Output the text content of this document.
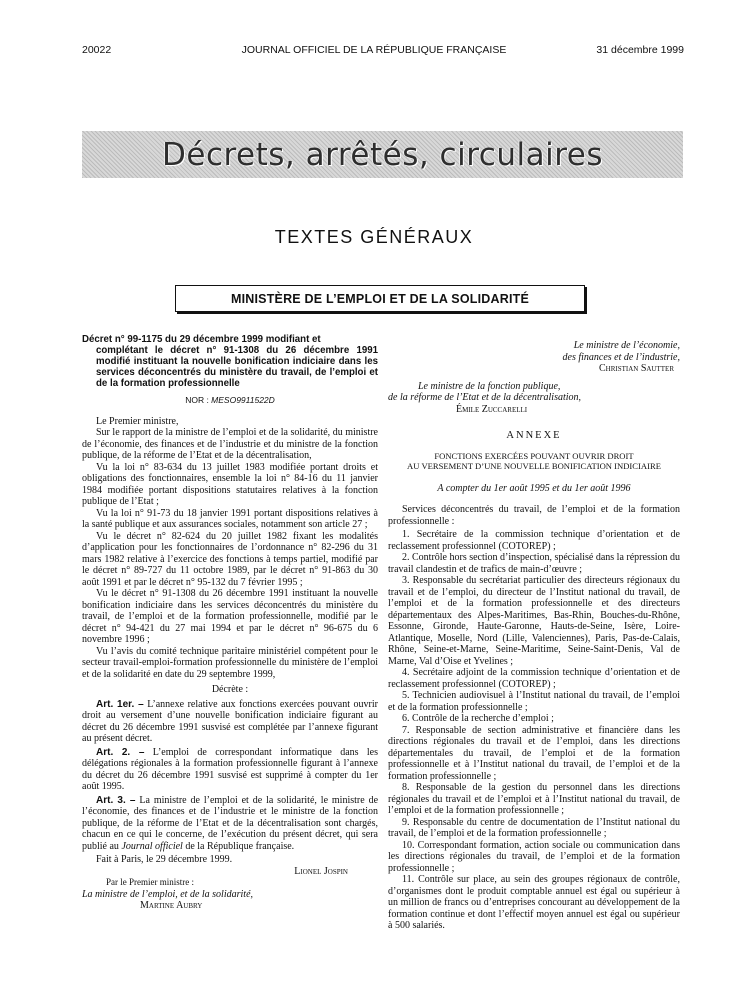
20022	JOURNAL OFFICIEL DE LA RÉPUBLIQUE FRANÇAISE	31 décembre 1999
Décrets, arrêtés, circulaires
TEXTES GÉNÉRAUX
MINISTÈRE DE L’EMPLOI ET DE LA SOLIDARITÉ

Décret n° 99-1175 du 29 décembre 1999 modifiant et
complétant le décret n° 91-1308 du 26 décembre 1991 modifié instituant la nouvelle bonification indiciaire dans les services déconcentrés du ministère du travail, de l’emploi et de la formation professionnelle

NOR : MESO9911522D

Le Premier ministre,

Sur le rapport de la ministre de l’emploi et de la solidarité, du ministre de l’économie, des finances et de l’industrie et du ministre de la fonction publique, de la réforme de l’Etat et de la décentralisation,

Vu la loi n° 83-634 du 13 juillet 1983 modifiée portant droits et obligations des fonctionnaires, ensemble la loi n° 84-16 du 11 janvier 1984 modifiée portant dispositions statutaires relatives à la fonction publique de l’Etat ;

Vu la loi n° 91-73 du 18 janvier 1991 portant dispositions relatives à la santé publique et aux assurances sociales, notamment son article 27 ;

Vu le décret n° 82-624 du 20 juillet 1982 fixant les modalités d’application pour les fonctionnaires de l’ordonnance n° 82-296 du 31 mars 1982 relative à l’exercice des fonctions à temps partiel, modifié par le décret n° 89-727 du 11 octobre 1989, par le décret n° 91-863 du 30 août 1991 et par le décret n° 95-132 du 7 février 1995 ;

Vu le décret n° 91-1308 du 26 décembre 1991 instituant la nouvelle bonification indiciaire dans les services déconcentrés du ministère du travail, de l’emploi et de la formation professionnelle, modifié par le décret n° 94-421 du 27 mai 1994 et par le décret n° 96-675 du 6 novembre 1996 ;

Vu l’avis du comité technique paritaire ministériel compétent pour le secteur travail-emploi-formation professionnelle du ministère de l’emploi et de la solidarité en date du 29 septembre 1999,

Décrète :

Art. 1er. – L’annexe relative aux fonctions exercées pouvant ouvrir droit au versement d’une nouvelle bonification indiciaire figurant au décret du 26 décembre 1991 susvisé est complétée par l’annexe figurant au présent décret.

Art. 2. – L’emploi de correspondant informatique dans les délégations régionales à la formation professionnelle figurant à l’annexe du décret du 26 décembre 1991 susvisé est supprimé à compter du 1er août 1995.

Art. 3. – La ministre de l’emploi et de la solidarité, le ministre de l’économie, des finances et de l’industrie et le ministre de la fonction publique, de la réforme de l’Etat et de la décentralisation sont chargés, chacun en ce qui le concerne, de l’exécution du présent décret, qui sera publié au Journal officiel de la République française.

Fait à Paris, le 29 décembre 1999.

Lionel Jospin

Par le Premier ministre :

La ministre de l’emploi, et de la solidarité,

Martine Aubry

Le ministre de l’économie,

des finances et de l’industrie,

Christian Sautter

Le ministre de la fonction publique,

de la réforme de l’Etat et de la décentralisation,

Émile Zuccarelli

ANNEXE

FONCTIONS EXERCÉES POUVANT OUVRIR DROIT
AU VERSEMENT D’UNE NOUVELLE BONIFICATION INDICIAIRE

A compter du 1er août 1995 et du 1er août 1996

Services déconcentrés du travail, de l’emploi et de la formation professionnelle :

1. Secrétaire de la commission technique d’orientation et de reclassement professionnel (COTOREP) ;

2. Contrôle hors section d’inspection, spécialisé dans la répression du travail clandestin et de trafics de main-d’œuvre ;

3. Responsable du secrétariat particulier des directeurs régionaux du travail et de l’emploi, du directeur de l’Institut national du travail, de l’emploi et de la formation professionnelle et des directeurs départementaux des Alpes-Maritimes, Bas-Rhin, Bouches-du-Rhône, Essonne, Gironde, Haute-Garonne, Hauts-de-Seine, Isère, Loire-Atlantique, Moselle, Nord (Lille, Valenciennes), Paris, Pas-de-Calais, Rhône, Seine-et-Marne, Seine-Maritime, Seine-Saint-Denis, Val de Marne, Val d’Oise et Yvelines ;

4. Secrétaire adjoint de la commission technique d’orientation et de reclassement professionnel (COTOREP) ;

5. Technicien audiovisuel à l’Institut national du travail, de l’emploi et de la formation professionnelle ;

6. Contrôle de la recherche d’emploi ;

7. Responsable de section administrative et financière dans les directions régionales du travail et de l’emploi, dans les directions départementales du travail, de l’emploi et de la formation professionnelle et à l’Institut national du travail, de l’emploi et de la formation professionnelle ;

8. Responsable de la gestion du personnel dans les directions régionales du travail et de l’emploi et à l’Institut national du travail, de l’emploi et de la formation professionnelle ;

9. Responsable du centre de documentation de l’Institut national du travail, de l’emploi et de la formation professionnelle ;

10. Correspondant formation, action sociale ou communication dans les directions régionales du travail, de l’emploi et de la formation professionnelle ;

11. Contrôle sur place, au sein des groupes régionaux de contrôle, d’organismes dont le produit comptable annuel est égal ou supérieur à un million de francs ou d’entreprises concourant au développement de la formation continue et dont l’effectif moyen annuel est égal ou supérieur à 500 salariés.
